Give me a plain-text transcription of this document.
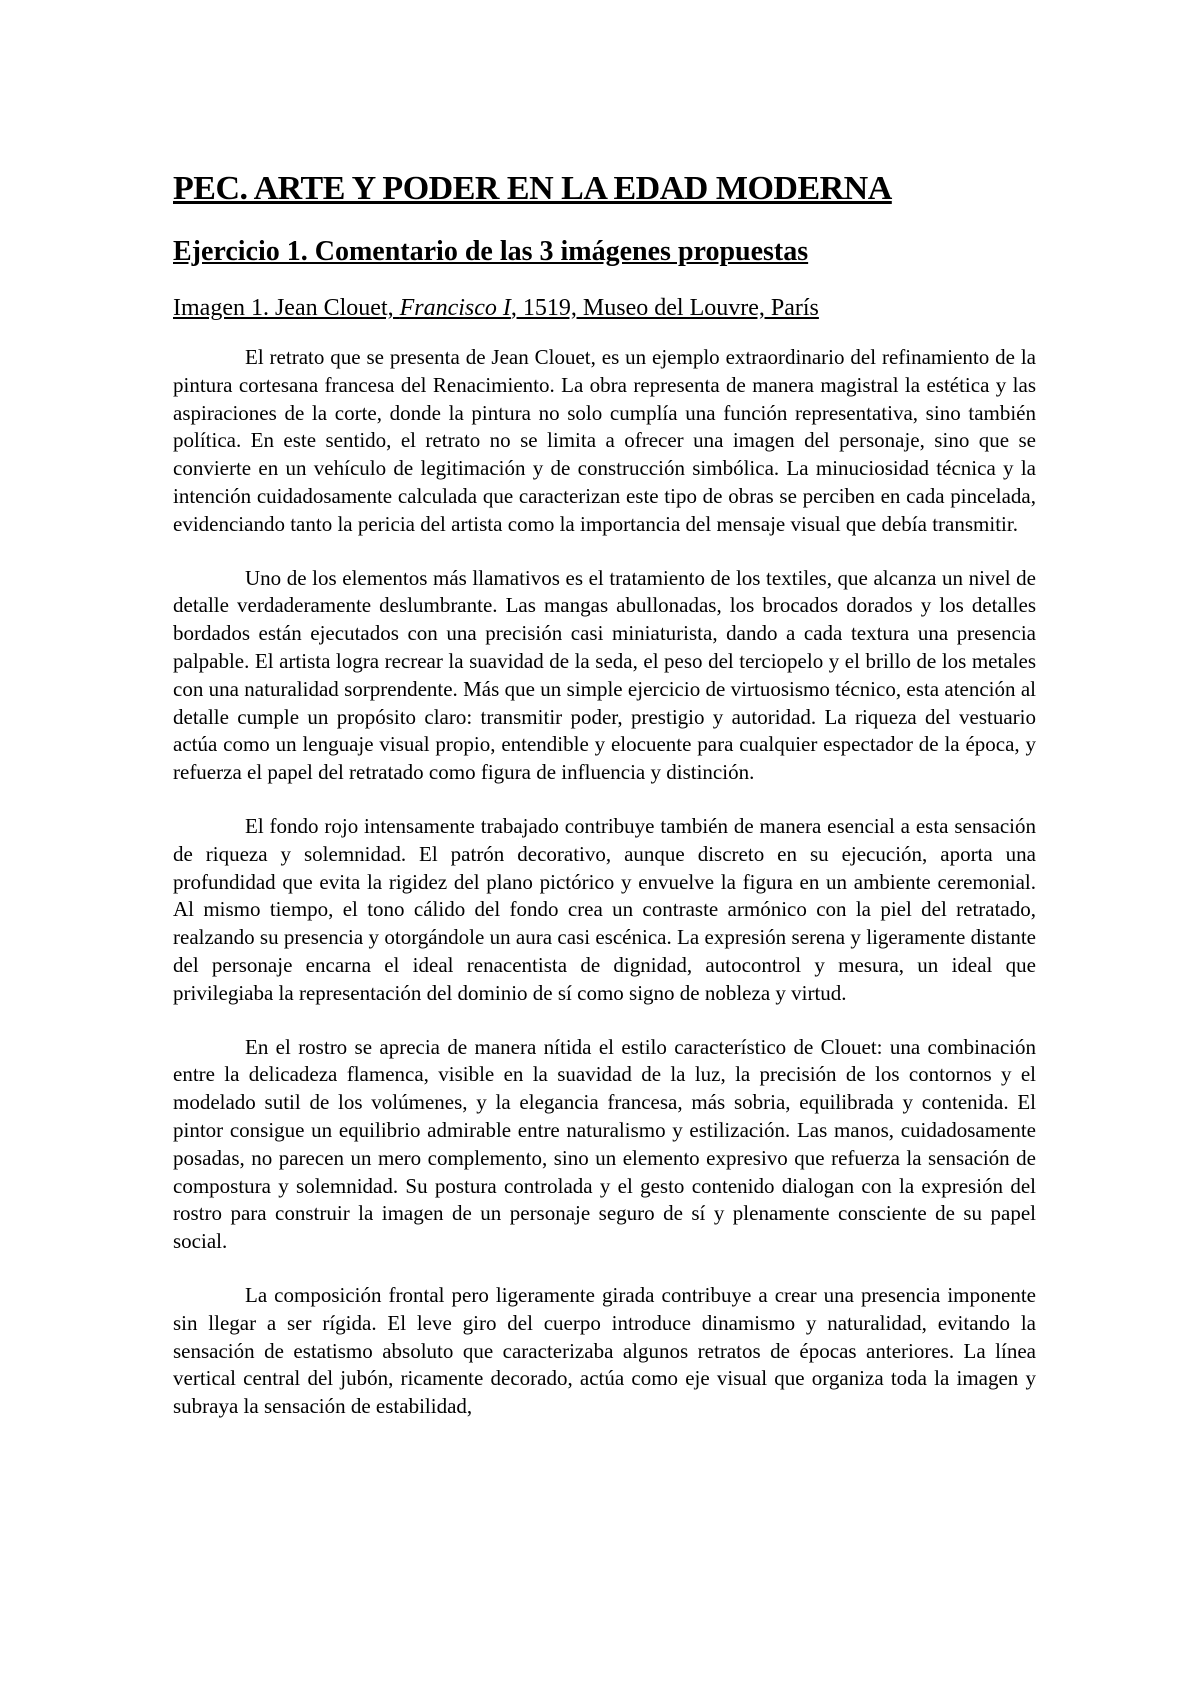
PEC. ARTE Y PODER EN LA EDAD MODERNA
Ejercicio 1. Comentario de las 3 imágenes propuestas
Imagen 1. Jean Clouet, Francisco I, 1519, Museo del Louvre, París

El retrato que se presenta de Jean Clouet, es un ejemplo extraordinario del refinamiento de la pintura cortesana francesa del Renacimiento. La obra representa de manera magistral la estética y las aspiraciones de la corte, donde la pintura no solo cumplía una función representativa, sino también política. En este sentido, el retrato no se limita a ofrecer una imagen del personaje, sino que se convierte en un vehículo de legitimación y de construcción simbólica. La minuciosidad técnica y la intención cuidadosamente calculada que caracterizan este tipo de obras se perciben en cada pincelada, evidenciando tanto la pericia del artista como la importancia del mensaje visual que debía transmitir.

Uno de los elementos más llamativos es el tratamiento de los textiles, que alcanza un nivel de detalle verdaderamente deslumbrante. Las mangas abullonadas, los brocados dorados y los detalles bordados están ejecutados con una precisión casi miniaturista, dando a cada textura una presencia palpable. El artista logra recrear la suavidad de la seda, el peso del terciopelo y el brillo de los metales con una naturalidad sorprendente. Más que un simple ejercicio de virtuosismo técnico, esta atención al detalle cumple un propósito claro: transmitir poder, prestigio y autoridad. La riqueza del vestuario actúa como un lenguaje visual propio, entendible y elocuente para cualquier espectador de la época, y refuerza el papel del retratado como figura de influencia y distinción.

El fondo rojo intensamente trabajado contribuye también de manera esencial a esta sensación de riqueza y solemnidad. El patrón decorativo, aunque discreto en su ejecución, aporta una profundidad que evita la rigidez del plano pictórico y envuelve la figura en un ambiente ceremonial. Al mismo tiempo, el tono cálido del fondo crea un contraste armónico con la piel del retratado, realzando su presencia y otorgándole un aura casi escénica. La expresión serena y ligeramente distante del personaje encarna el ideal renacentista de dignidad, autocontrol y mesura, un ideal que privilegiaba la representación del dominio de sí como signo de nobleza y virtud.

En el rostro se aprecia de manera nítida el estilo característico de Clouet: una combinación entre la delicadeza flamenca, visible en la suavidad de la luz, la precisión de los contornos y el modelado sutil de los volúmenes, y la elegancia francesa, más sobria, equilibrada y contenida. El pintor consigue un equilibrio admirable entre naturalismo y estilización. Las manos, cuidadosamente posadas, no parecen un mero complemento, sino un elemento expresivo que refuerza la sensación de compostura y solemnidad. Su postura controlada y el gesto contenido dialogan con la expresión del rostro para construir la imagen de un personaje seguro de sí y plenamente consciente de su papel social.

La composición frontal pero ligeramente girada contribuye a crear una presencia imponente sin llegar a ser rígida. El leve giro del cuerpo introduce dinamismo y naturalidad, evitando la sensación de estatismo absoluto que caracterizaba algunos retratos de épocas anteriores. La línea vertical central del jubón, ricamente decorado, actúa como eje visual que organiza toda la imagen y subraya la sensación de estabilidad,
